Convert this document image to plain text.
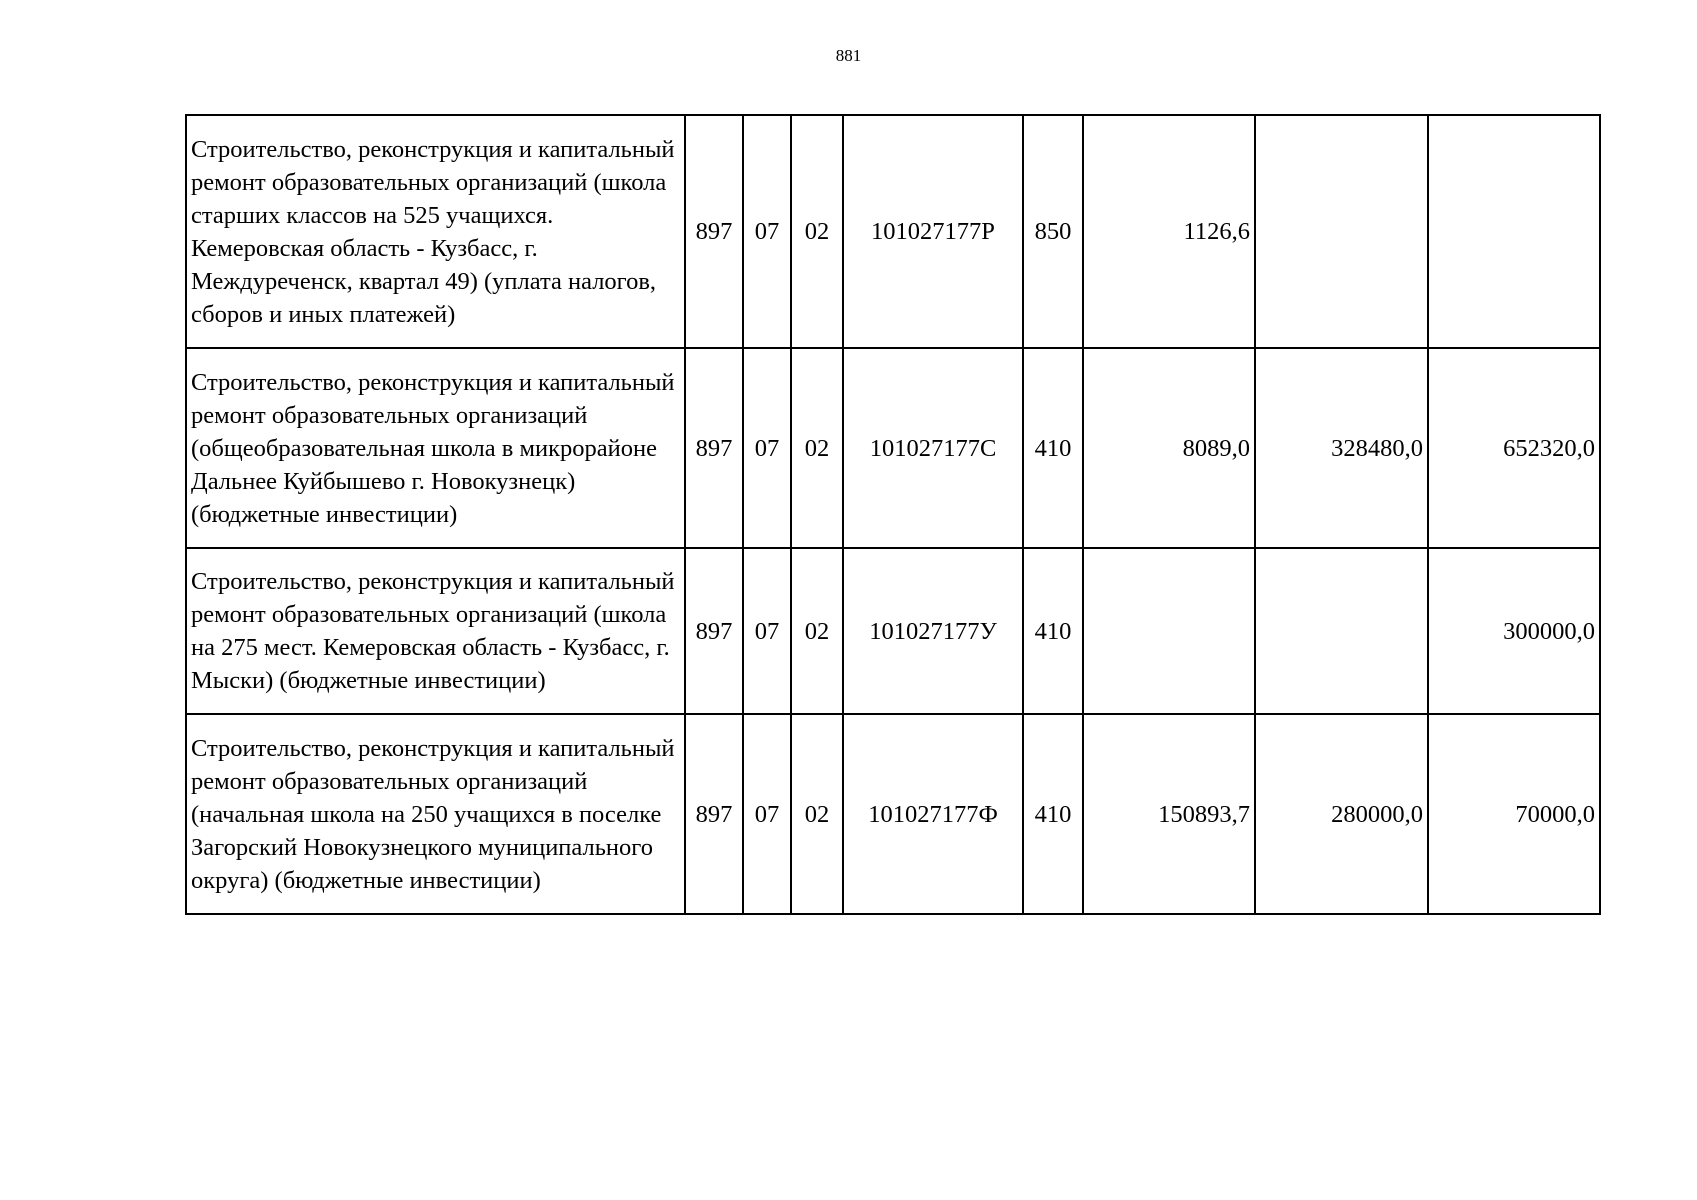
881
Строительство, реконструкция и капитальный ремонт образовательных организаций (школа старших классов на 525 учащихся. Кемеровская область - Кузбасс, г. Междуреченск, квартал 49) (уплата налогов, сборов и иных платежей)	897	07	02	101027177Р	850	1126,6		
Строительство, реконструкция и капитальный ремонт образовательных организаций (общеобразовательная школа в микрорайоне Дальнее Куйбышево г. Новокузнецк) (бюджетные инвестиции)	897	07	02	101027177С	410	8089,0	328480,0	652320,0
Строительство, реконструкция и капитальный ремонт образовательных организаций (школа на 275 мест. Кемеровская область - Кузбасс, г. Мыски) (бюджетные инвестиции)	897	07	02	101027177У	410			300000,0
Строительство, реконструкция и капитальный ремонт образовательных организаций (начальная школа на 250 учащихся в поселке Загорский Новокузнецкого муниципального округа) (бюджетные инвестиции)	897	07	02	101027177Ф	410	150893,7	280000,0	70000,0
